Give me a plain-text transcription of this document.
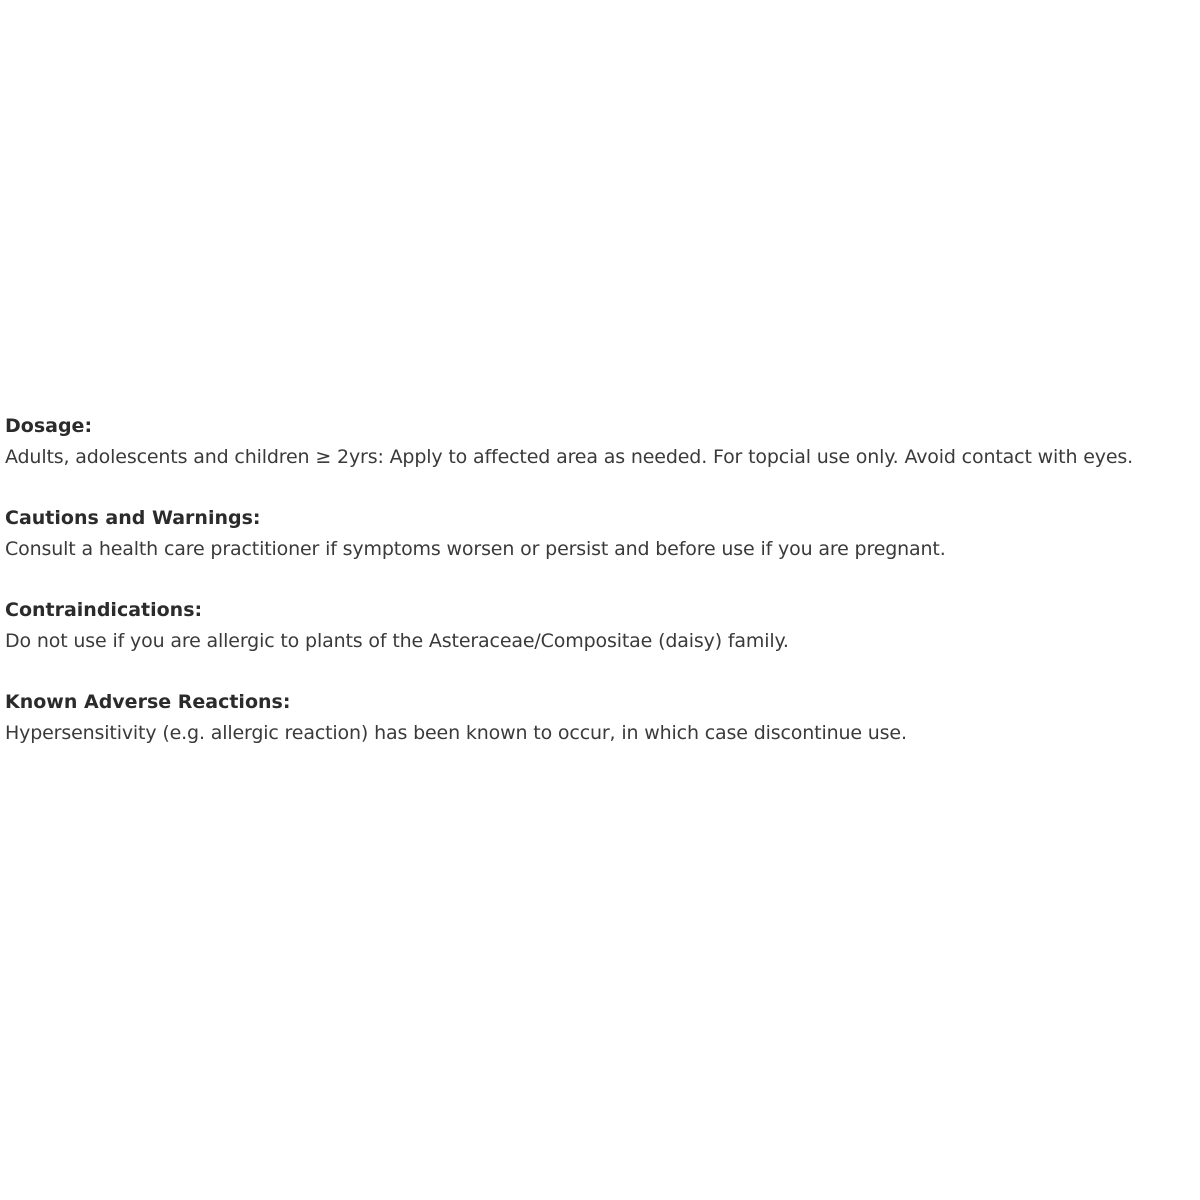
Dosage:
Adults, adolescents and children ≥ 2yrs: Apply to affected area as needed. For topcial use only. Avoid contact with eyes.
Cautions and Warnings:
Consult a health care practitioner if symptoms worsen or persist and before use if you are pregnant.
Contraindications:
Do not use if you are allergic to plants of the Asteraceae/Compositae (daisy) family.
Known Adverse Reactions:
Hypersensitivity (e.g. allergic reaction) has been known to occur, in which case discontinue use.
